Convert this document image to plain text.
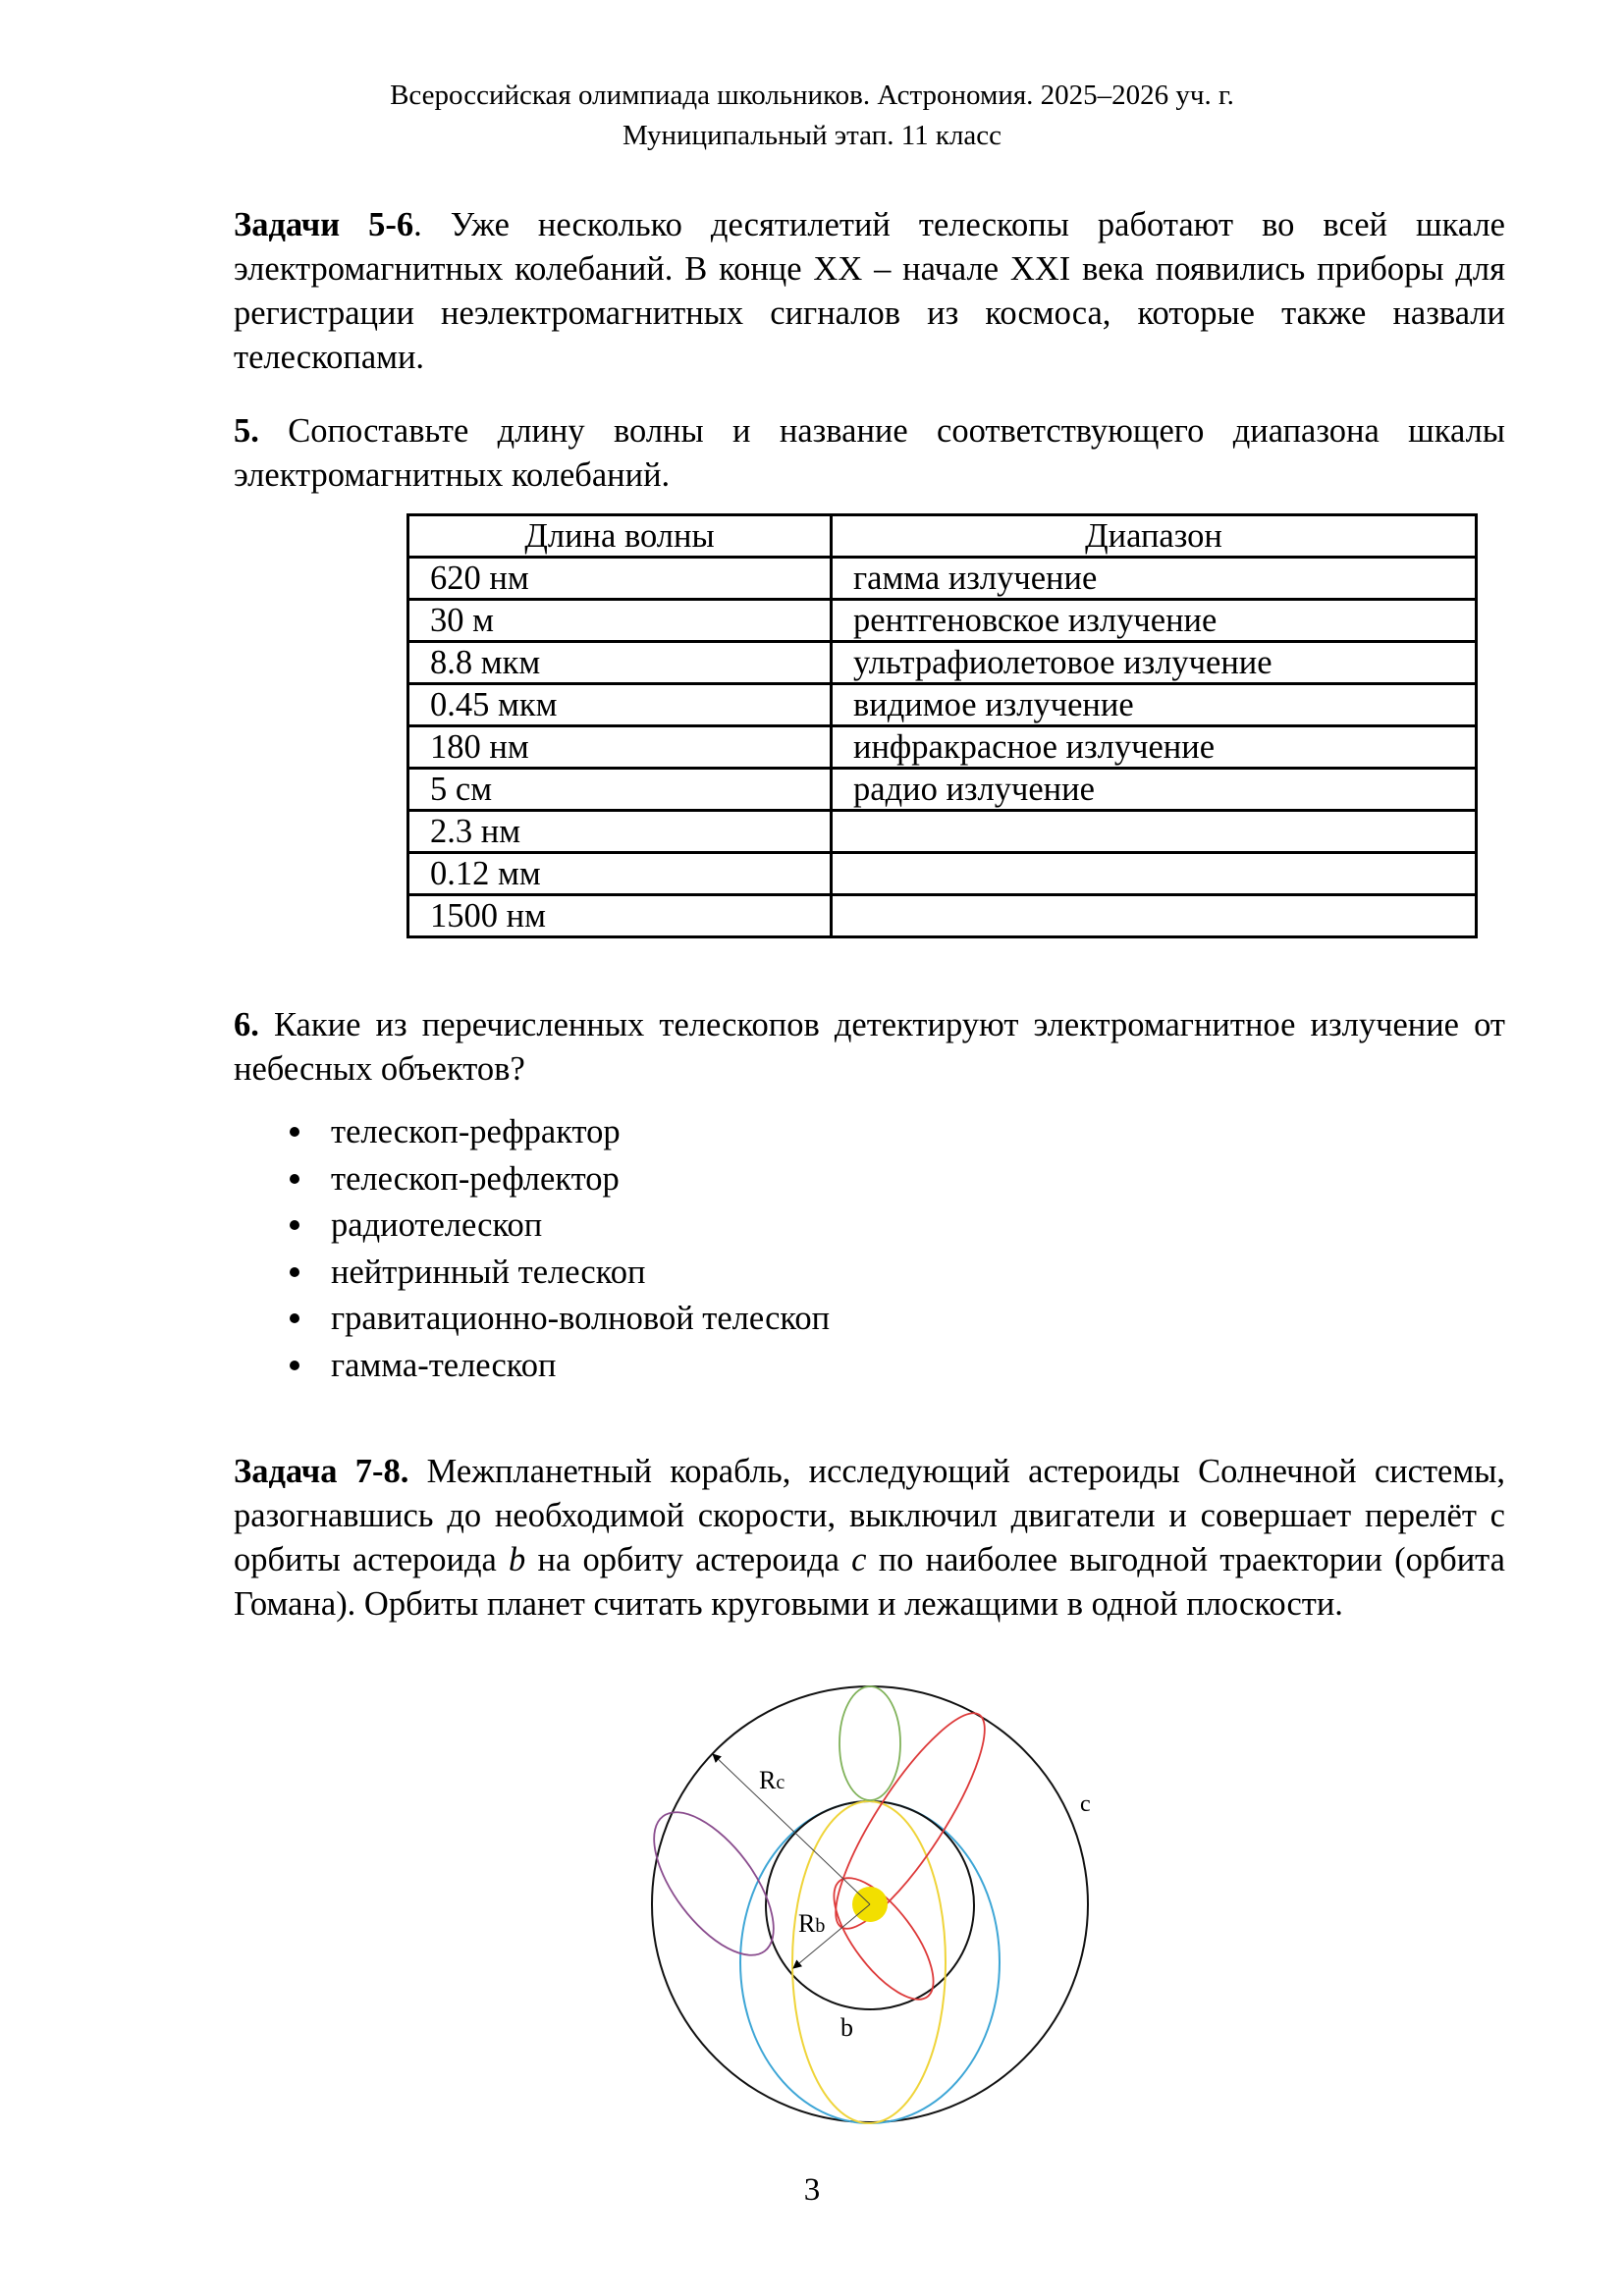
Всероссийская олимпиада школьников. Астрономия. 2025–2026 уч. г.
Муниципальный этап. 11 класс
Задачи 5-6. Уже несколько десятилетий телескопы работают во всей шкале электромагнитных колебаний. В конце XX – начале XXI века появились приборы для регистрации неэлектромагнитных сигналов из космоса, которые также назвали телескопами.
5. Сопоставьте длину волны и название соответствующего диапазона шкалы электромагнитных колебаний.
Длина волны	Диапазон
620 нм	гамма излучение
30 м	рентгеновское излучение
8.8 мкм	ультрафиолетовое излучение
0.45 мкм	видимое излучение
180 нм	инфракрасное излучение
5 см	радио излучение
2.3 нм	
0.12 мм	
1500 нм	
6. Какие из перечисленных телескопов детектируют электромагнитное излучение от небесных объектов?
телескоп-рефрактор
телескоп-рефлектор
радиотелескоп
нейтринный телескоп
гравитационно-волновой телескоп
гамма-телескоп
Задача 7-8. Межпланетный корабль, исследующий астероиды Солнечной системы, разогнавшись до необходимой скорости, выключил двигатели и совершает перелёт с орбиты астероида b на орбиту астероида c по наиболее выгодной траектории (орбита Гомана). Орбиты планет считать круговыми и лежащими в одной плоскости.
Rc
Rb
c
b
3
